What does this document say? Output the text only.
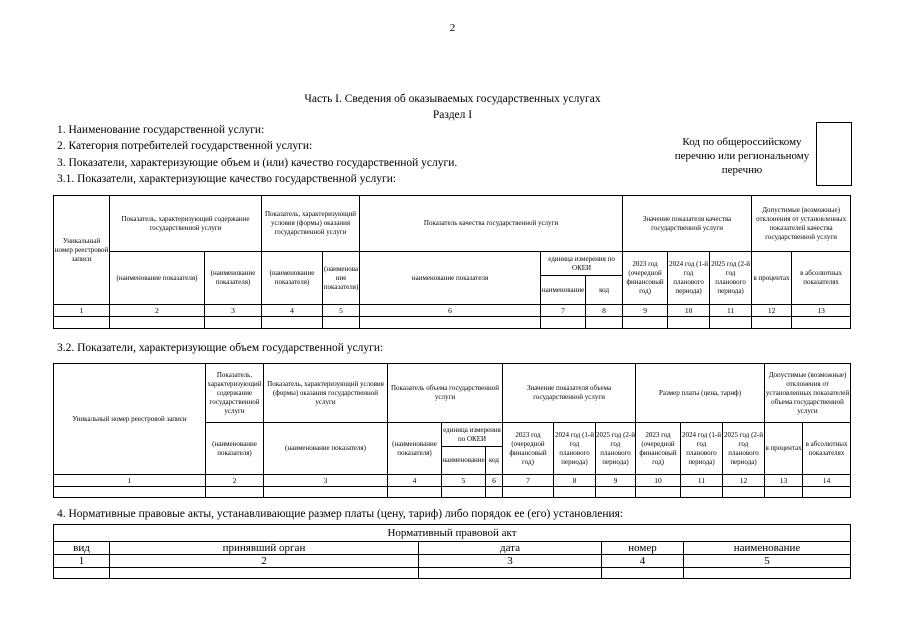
2
Часть I. Сведения об оказываемых государственных услугах
Раздел I
1. Наименование государственной услуги:
2. Категория потребителей государственной услуги:
3. Показатели, характеризующие объем и (или) качество государственной услуги.
3.1. Показатели, характеризующие качество государственной услуги:
Код по общероссийскому перечню или региональному перечню
Уникальный номер реестровой записи	Показатель, характеризующий содержание государственной услуги		Показатель, характеризующий условия (формы) оказания государственной услуги		Показатель качества государственной услуги			Значение показателя качества государственной услуги			Допустимые (возможные) отклонения от установленных показателей качества государственной услуги	
	(наименование показателя)	(наименование показателя)	(наименование показателя)	(наименование показателя)	наименование показателя	единица измерения по ОКЕИ		2023 год (очередной финансовый год)	2024 год (1-й год планового периода)	2025 год (2-й год планового периода)	в процентах	в абсолютных показателях
						наименование	код					
1	2	3	4	5	6	7	8	9	10	11	12	13

3.2. Показатели, характеризующие объем государственной услуги:
Уникальный номер реестровой записи	Показатель, характеризующий содержание государственной услуги	Показатель, характеризующий условия (формы) оказания государственной услуги	Показатель объема государственной услуги			Значение показателя объема государственной услуги			Размер платы (цена, тариф)			Допустимые (возможные) отклонения от установленных показателей объема государственной услуги	
	(наименование показателя)	(наименование показателя)	(наименование показателя)	единица измерения по ОКЕИ		2023 год (очередной финансовый год)	2024 год (1-й год планового периода)	2025 год (2-й год планового периода)	2023 год (очередной финансовый год)	2024 год (1-й год планового периода)	2025 год (2-й год планового периода)	в процентах	в абсолютных показателях
				наименование	код								
1	2	3	4	5	6	7	8	9	10	11	12	13	14

4. Нормативные правовые акты, устанавливающие размер платы (цену, тариф) либо порядок ее (его) установления:
Нормативный правовой акт				
вид	принявший орган	дата	номер	наименование
1	2	3	4	5
